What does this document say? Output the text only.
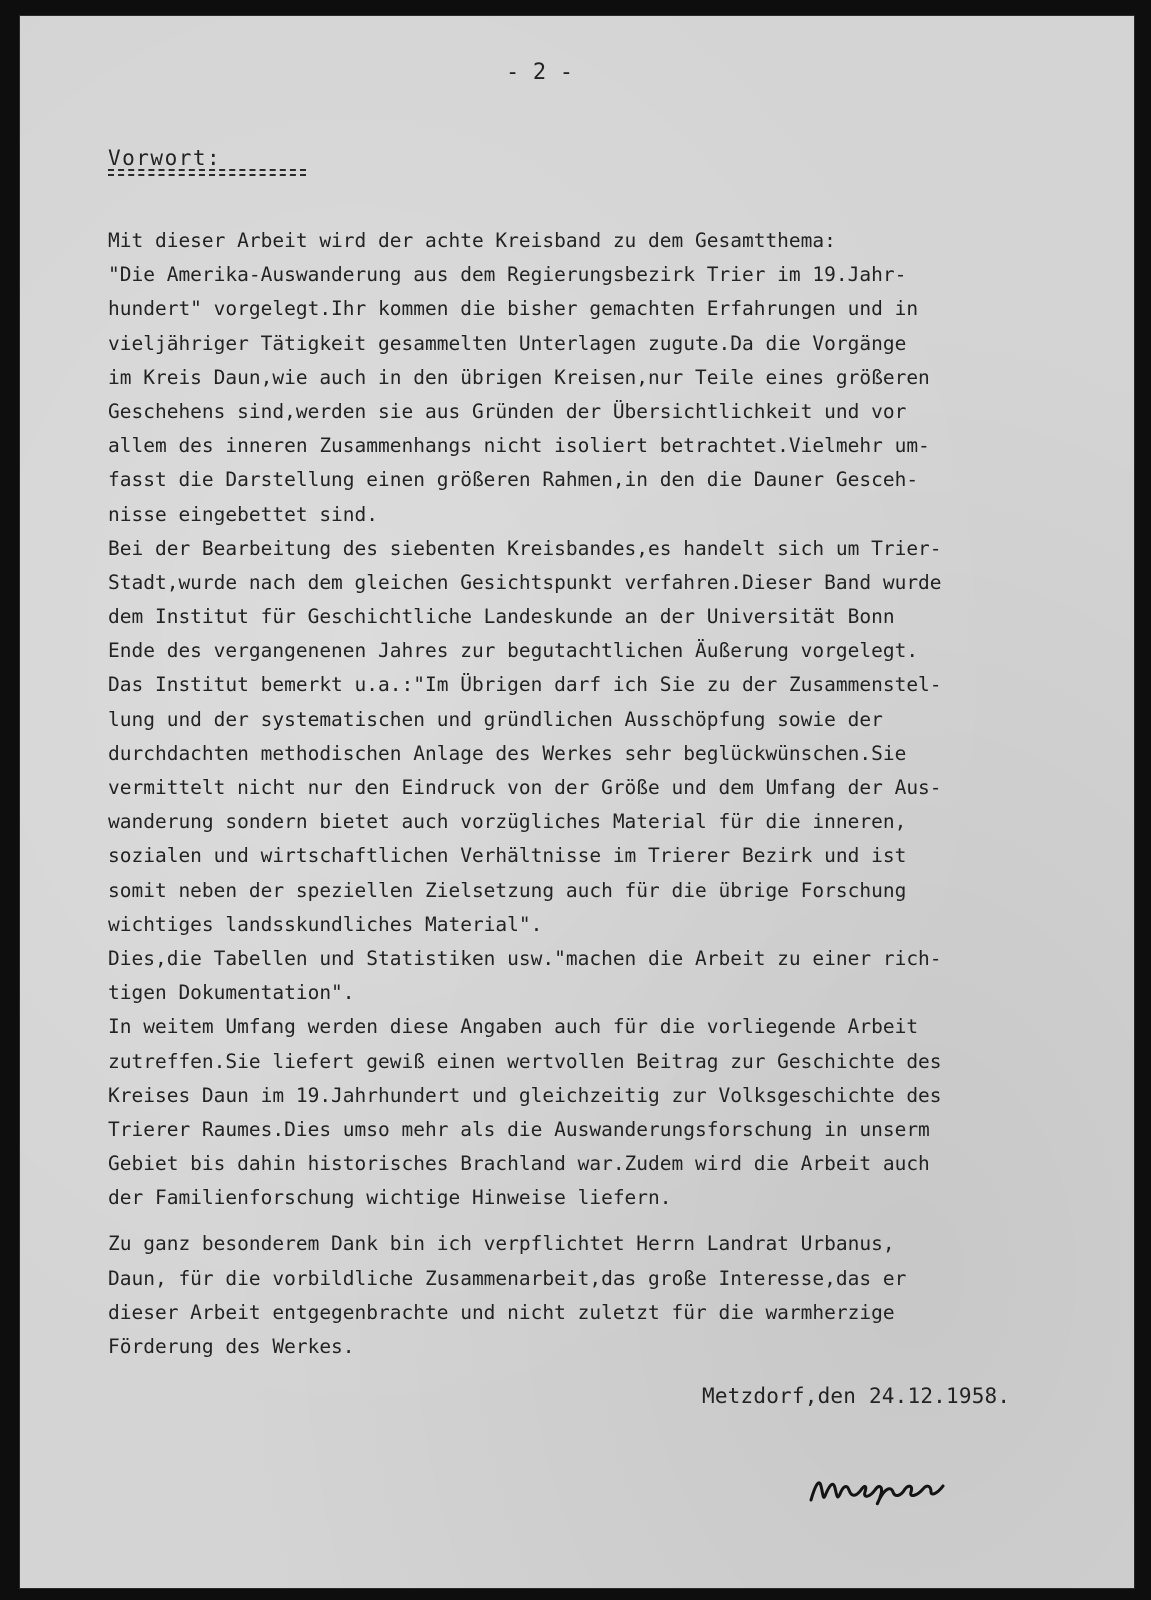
- 2 -
Vorwort:
Mit dieser Arbeit wird der achte Kreisband zu dem Gesamtthema:
"Die Amerika-Auswanderung aus dem Regierungsbezirk Trier im 19.Jahr-
hundert" vorgelegt.Ihr kommen die bisher gemachten Erfahrungen und in
vieljähriger Tätigkeit gesammelten Unterlagen zugute.Da die Vorgänge
im Kreis Daun,wie auch in den übrigen Kreisen,nur Teile eines größeren
Geschehens sind,werden sie aus Gründen der Übersichtlichkeit und vor
allem des inneren Zusammenhangs nicht isoliert betrachtet.Vielmehr um-
fasst die Darstellung einen größeren Rahmen,in den die Dauner Gesceh-
nisse eingebettet sind.
Bei der Bearbeitung des siebenten Kreisbandes,es handelt sich um Trier-
Stadt,wurde nach dem gleichen Gesichtspunkt verfahren.Dieser Band wurde
dem Institut für Geschichtliche Landeskunde an der Universität Bonn
Ende des vergangenenen Jahres zur begutachtlichen Äußerung vorgelegt.
Das Institut bemerkt u.a.:"Im Übrigen darf ich Sie zu der Zusammenstel-
lung und der systematischen und gründlichen Ausschöpfung sowie der
durchdachten methodischen Anlage des Werkes sehr beglückwünschen.Sie
vermittelt nicht nur den Eindruck von der Größe und dem Umfang der Aus-
wanderung sondern bietet auch vorzügliches Material für die inneren,
sozialen und wirtschaftlichen Verhältnisse im Trierer Bezirk und ist
somit neben der speziellen Zielsetzung auch für die übrige Forschung
wichtiges landsskundliches Material".
Dies,die Tabellen und Statistiken usw."machen die Arbeit zu einer rich-
tigen Dokumentation".
In weitem Umfang werden diese Angaben auch für die vorliegende Arbeit
zutreffen.Sie liefert gewiß einen wertvollen Beitrag zur Geschichte des
Kreises Daun im 19.Jahrhundert und gleichzeitig zur Volksgeschichte des
Trierer Raumes.Dies umso mehr als die Auswanderungsforschung in unserm
Gebiet bis dahin historisches Brachland war.Zudem wird die Arbeit auch
der Familienforschung wichtige Hinweise liefern.
Zu ganz besonderem Dank bin ich verpflichtet Herrn Landrat Urbanus,
Daun, für die vorbildliche Zusammenarbeit,das große Interesse,das er
dieser Arbeit entgegenbrachte und nicht zuletzt für die warmherzige
Förderung des Werkes.
Metzdorf,den 24.12.1958.
